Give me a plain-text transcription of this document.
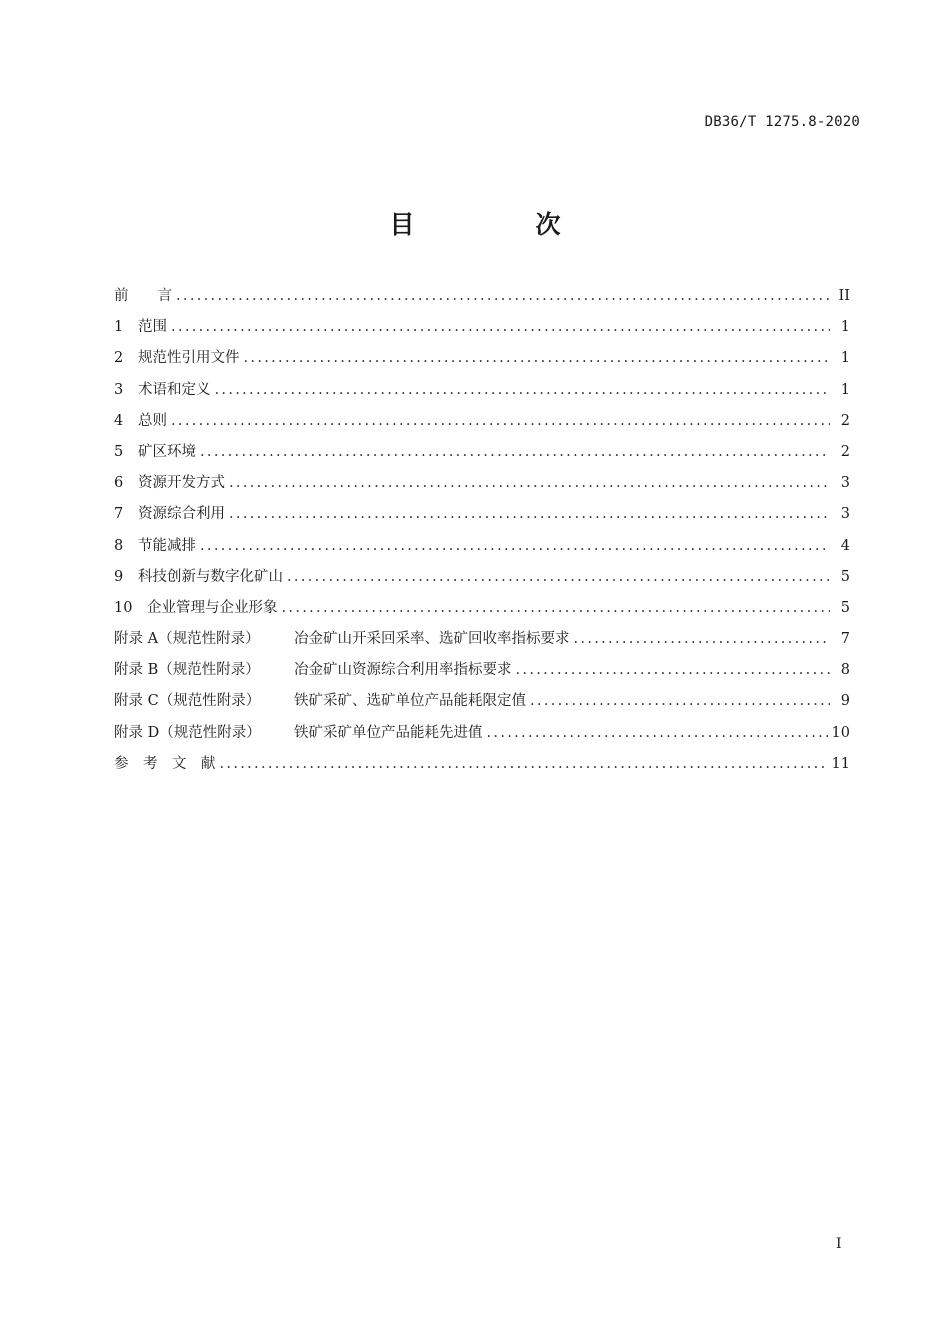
DB36/T 1275.8-2020
目　次
前　　言 .....	II
1	范围 .....	1
2	规范性引用文件 .....	1
3	术语和定义 .....	1
4	总则 .....	2
5	矿区环境 .....	2
6	资源开发方式 .....	3
7	资源综合利用 .....	3
8	节能减排 .....	4
9	科技创新与数字化矿山 .....	5
10	企业管理与企业形象 .....	5
附录 A（规范性附录）	冶金矿山开采回采率、选矿回收率指标要求 .....	7
附录 B（规范性附录）	冶金矿山资源综合利用率指标要求 .....	8
附录 C（规范性附录）	铁矿采矿、选矿单位产品能耗限定值 .....	9
附录 D（规范性附录）	铁矿采矿单位产品能耗先进值 .....	10
参　考　文　献 .....	11
I
